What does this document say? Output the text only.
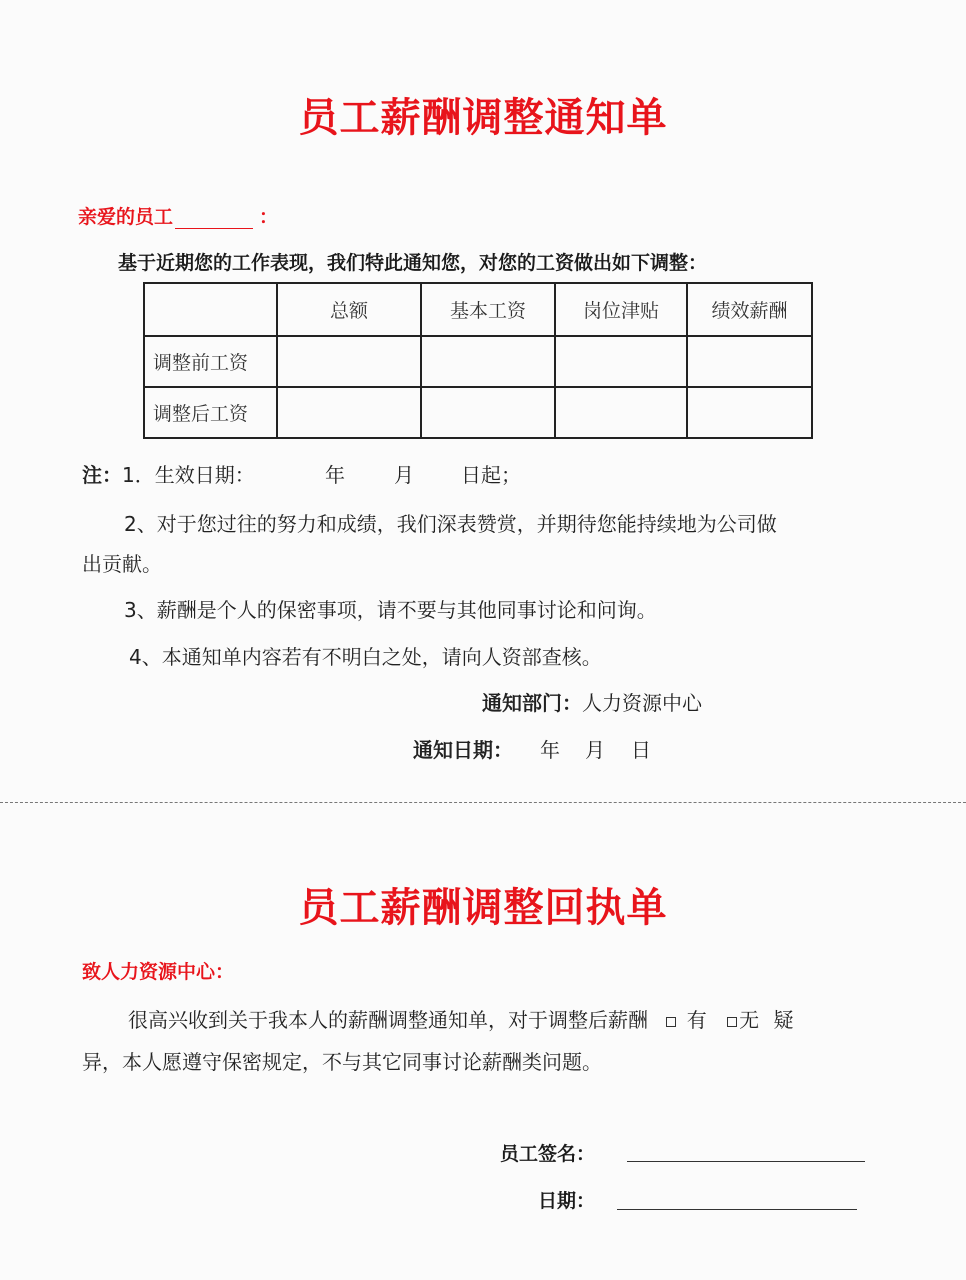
员工薪酬调整通知单
亲爱的员工	：
基于近期您的工作表现，我们特此通知您，对您的工资做出如下调整：
	总额	基本工资	岗位津贴	绩效薪酬
调整前工资				
调整后工资				
注：1．生效日期：	年 月 日起；
2、对于您过往的努力和成绩，我们深表赞赏，并期待您能持续地为公司做
出贡献。
3、薪酬是个人的保密事项，请不要与其他同事讨论和问询。
4、本通知单内容若有不明白之处，请向人资部查核。
通知部门：人力资源中心
通知日期： 年 月 日
员工薪酬调整回执单
致人力资源中心：
很高兴收到关于我本人的薪酬调整通知单，对于调整后薪酬 有 无 疑
异，本人愿遵守保密规定，不与其它同事讨论薪酬类问题。
员工签名：
日期：
